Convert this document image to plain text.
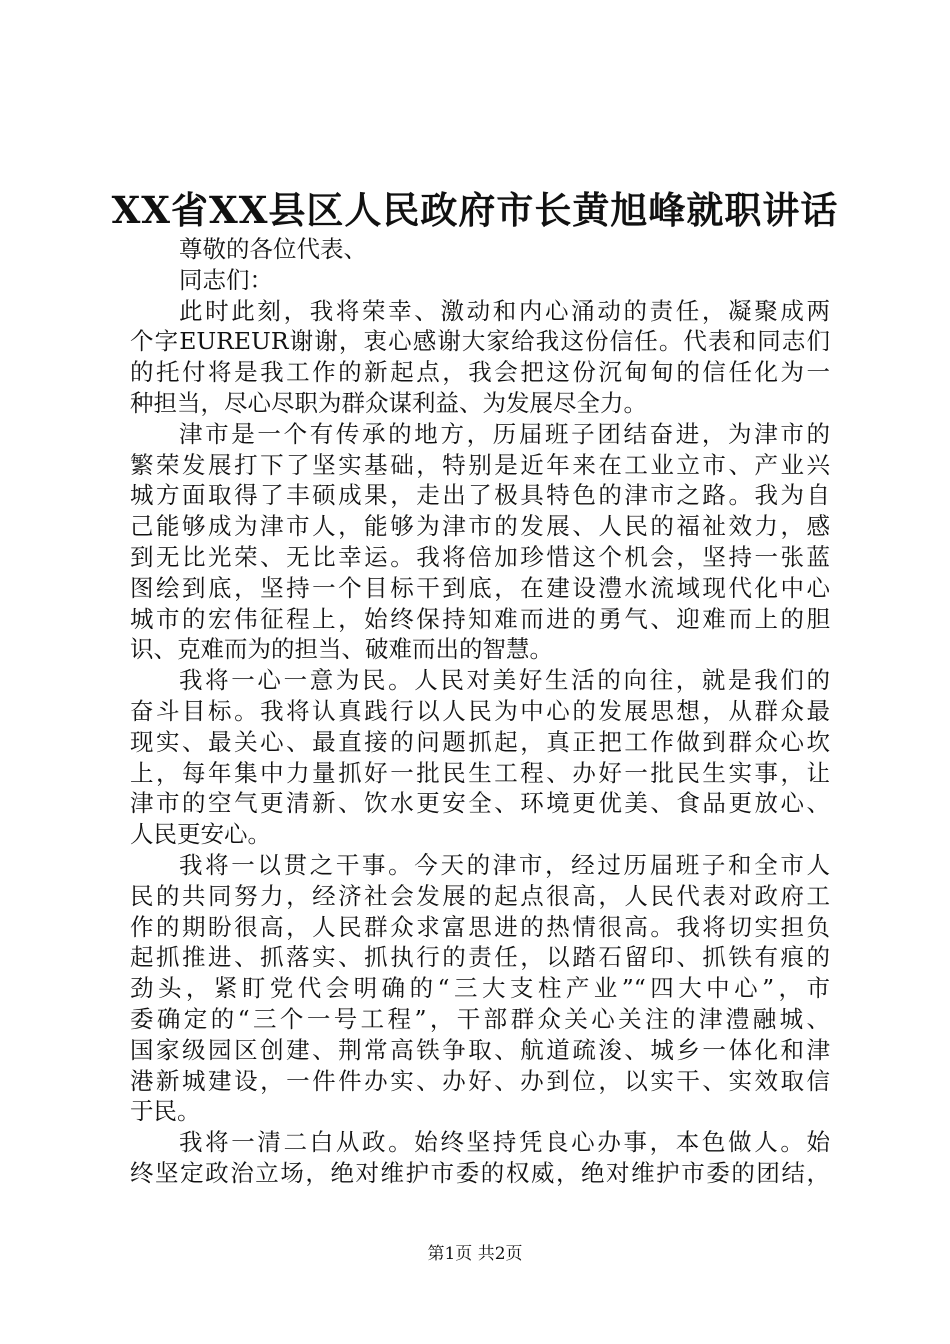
XX省XX县区人民政府市长黄旭峰就职讲话
尊敬的各位代表、
同志们：
此时此刻，我将荣幸、激动和内心涌动的责任，凝聚成两
个字EUREUR谢谢，衷心感谢大家给我这份信任。代表和同志们
的托付将是我工作的新起点，我会把这份沉甸甸的信任化为一
种担当，尽心尽职为群众谋利益、为发展尽全力。
津市是一个有传承的地方，历届班子团结奋进，为津市的
繁荣发展打下了坚实基础，特别是近年来在工业立市、产业兴
城方面取得了丰硕成果，走出了极具特色的津市之路。我为自
己能够成为津市人，能够为津市的发展、人民的福祉效力，感
到无比光荣、无比幸运。我将倍加珍惜这个机会，坚持一张蓝
图绘到底，坚持一个目标干到底，在建设澧水流域现代化中心
城市的宏伟征程上，始终保持知难而进的勇气、迎难而上的胆
识、克难而为的担当、破难而出的智慧。
我将一心一意为民。人民对美好生活的向往，就是我们的
奋斗目标。我将认真践行以人民为中心的发展思想，从群众最
现实、最关心、最直接的问题抓起，真正把工作做到群众心坎
上，每年集中力量抓好一批民生工程、办好一批民生实事，让
津市的空气更清新、饮水更安全、环境更优美、食品更放心、
人民更安心。
我将一以贯之干事。今天的津市，经过历届班子和全市人
民的共同努力，经济社会发展的起点很高，人民代表对政府工
作的期盼很高，人民群众求富思进的热情很高。我将切实担负
起抓推进、抓落实、抓执行的责任，以踏石留印、抓铁有痕的
劲头，紧盯党代会明确的“三大支柱产业”“四大中心”，市
委确定的“三个一号工程”，干部群众关心关注的津澧融城、
国家级园区创建、荆常高铁争取、航道疏浚、城乡一体化和津
港新城建设，一件件办实、办好、办到位，以实干、实效取信
于民。
我将一清二白从政。始终坚持凭良心办事，本色做人。始
终坚定政治立场，绝对维护市委的权威，绝对维护市委的团结，
第1页 共2页
